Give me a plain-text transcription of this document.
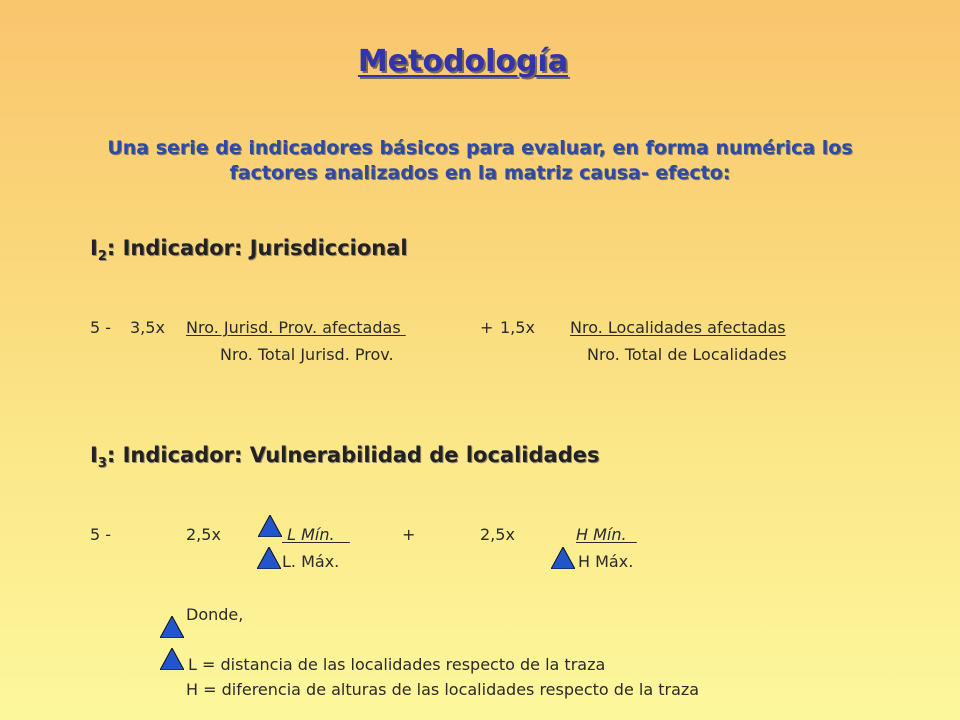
Metodología
Una serie de indicadores básicos para evaluar, en forma numérica los factores analizados en la matriz causa- efecto:
$I_2$: Indicador: Jurisdiccional
5 - 3,5x Nro. Jurisd. Prov. afectadas	+ 1,5x Nro. Localidades afectadas
Nro. Total Jurisd. Prov.	Nro. Total de Localidades
$I_3$: Indicador: Vulnerabilidad de localidades
5 -	2,5x	L Mín.	+	2,5x	H Mín.
L. Máx.	H Máx.
Donde,
L = distancia de las localidades respecto de la traza
H = diferencia de alturas de las localidades respecto de la traza
